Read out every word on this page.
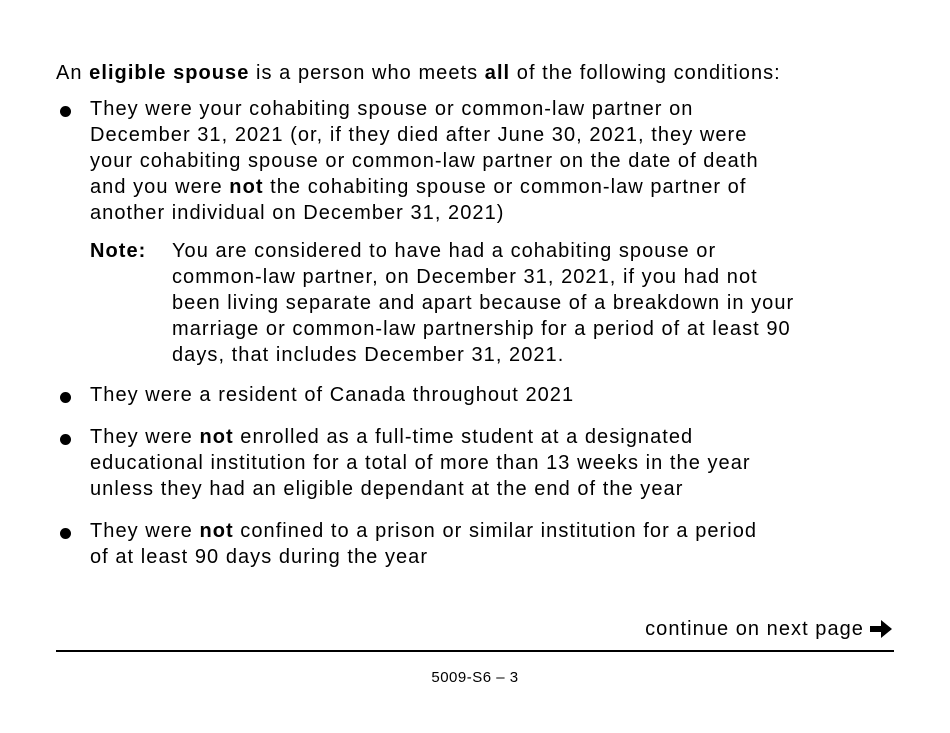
An eligible spouse is a person who meets all of the following conditions:

They were your cohabiting spouse or common-law partner on
December 31, 2021 (or, if they died after June 30, 2021, they were
your cohabiting spouse or common-law partner on the date of death
and you were not the cohabiting spouse or common-law partner of
another individual on December 31, 2021)
Note: You are considered to have had a cohabiting spouse or
common-law partner, on December 31, 2021, if you had not
been living separate and apart because of a breakdown in your
marriage or common-law partnership for a period of at least 90
days, that includes December 31, 2021.
They were a resident of Canada throughout 2021
They were not enrolled as a full-time student at a designated
educational institution for a total of more than 13 weeks in the year
unless they had an eligible dependant at the end of the year
They were not confined to a prison or similar institution for a period
of at least 90 days during the year
continue on next page
5009-S6 – 3
